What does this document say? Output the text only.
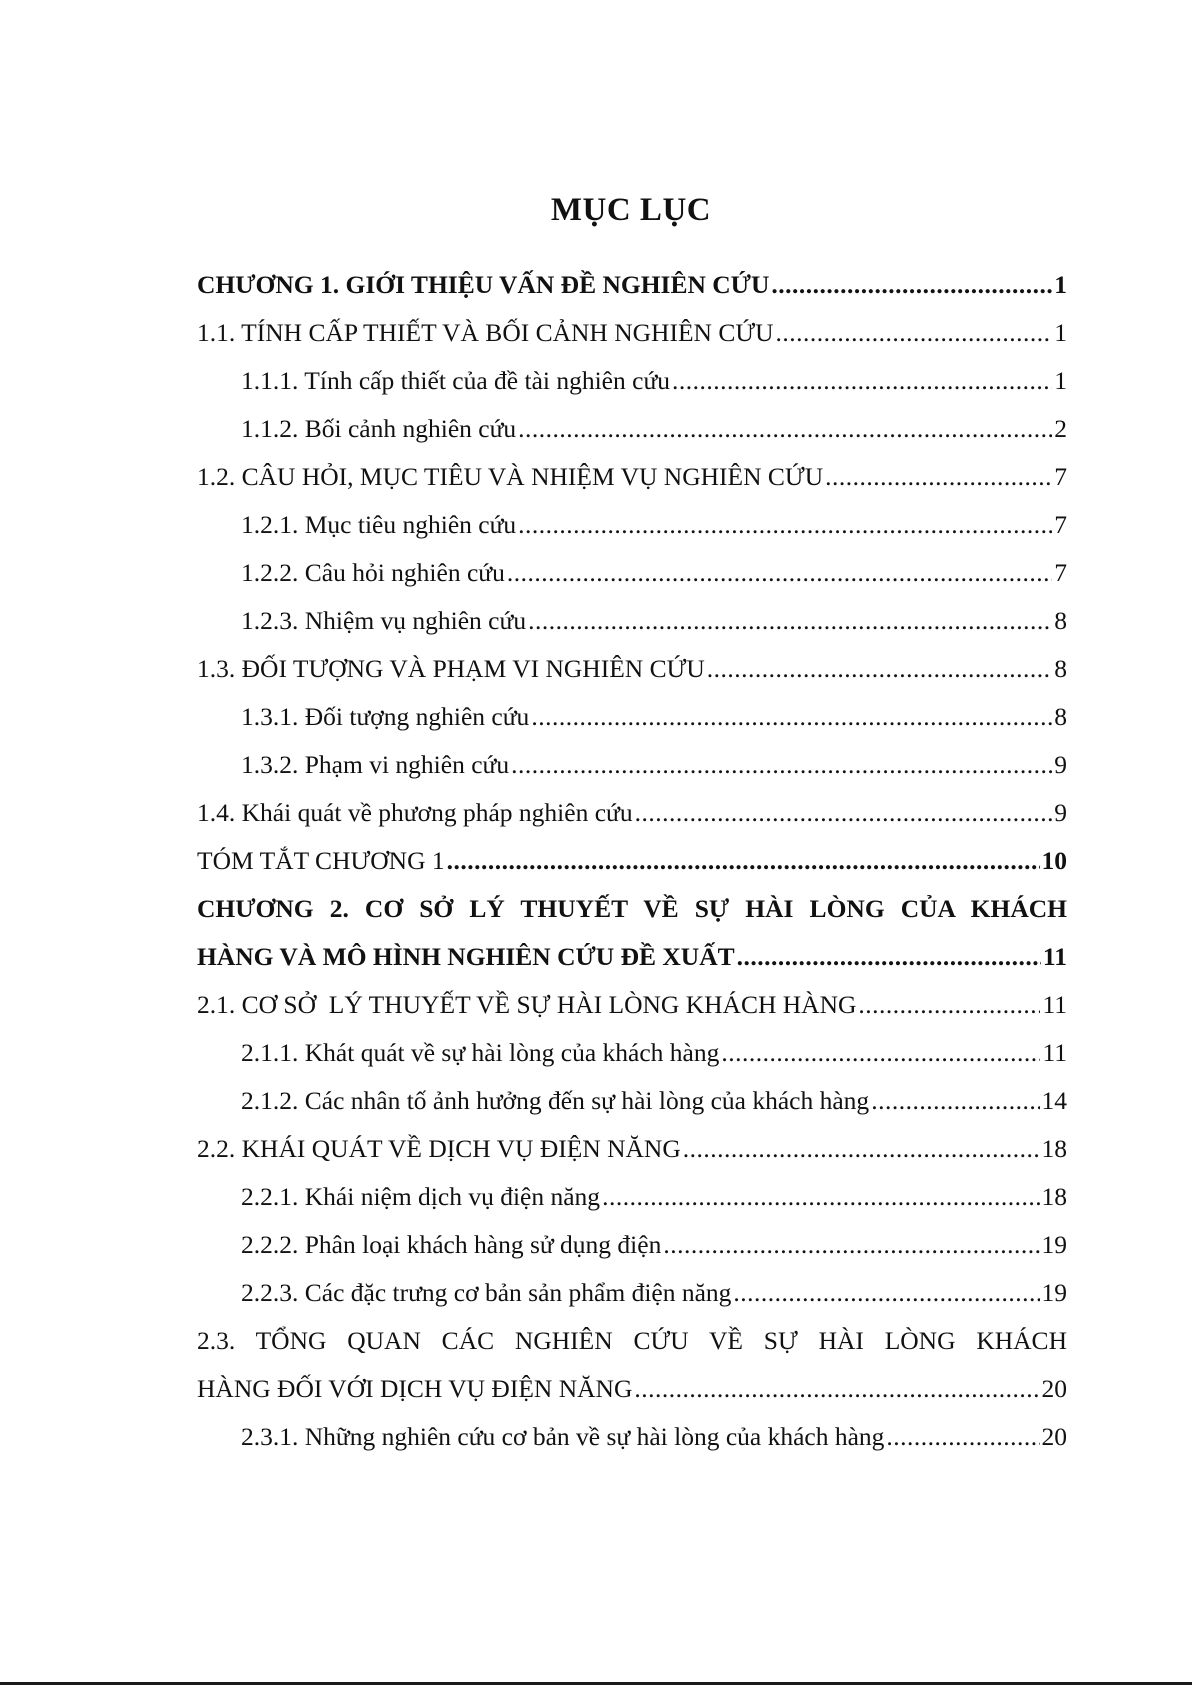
MỤC LỤC
CHƯƠNG 1. GIỚI THIỆU VẤN ĐỀ NGHIÊN CỨU .....	1
1.1. TÍNH CẤP THIẾT VÀ BỐI CẢNH NGHIÊN CỨU .....	1
1.1.1. Tính cấp thiết của đề tài nghiên cứu .....	1
1.1.2. Bối cảnh nghiên cứu .....	2
1.2. CÂU HỎI, MỤC TIÊU VÀ NHIỆM VỤ NGHIÊN CỨU .....	7
1.2.1. Mục tiêu nghiên cứu .....	7
1.2.2. Câu hỏi nghiên cứu .....	7
1.2.3. Nhiệm vụ nghiên cứu .....	8
1.3. ĐỐI TƯỢNG VÀ PHẠM VI NGHIÊN CỨU .....	8
1.3.1. Đối tượng nghiên cứu .....	8
1.3.2. Phạm vi nghiên cứu .....	9
1.4. Khái quát về phương pháp nghiên cứu .....	9
TÓM TẮT CHƯƠNG 1 .....	10
CHƯƠNG 2. CƠ SỞ LÝ THUYẾT VỀ SỰ HÀI LÒNG CỦA KHÁCH
HÀNG VÀ MÔ HÌNH NGHIÊN CỨU ĐỀ XUẤT .....	11
2.1. CƠ SỞ  LÝ THUYẾT VỀ SỰ HÀI LÒNG KHÁCH HÀNG .....	11
2.1.1. Khát quát về sự hài lòng của khách hàng .....	11
2.1.2. Các nhân tố ảnh hưởng đến sự hài lòng của khách hàng .....	14
2.2. KHÁI QUÁT VỀ DỊCH VỤ ĐIỆN NĂNG .....	18
2.2.1. Khái niệm dịch vụ điện năng .....	18
2.2.2. Phân loại khách hàng sử dụng điện .....	19
2.2.3. Các đặc trưng cơ bản sản phẩm điện năng .....	19
2.3. TỔNG QUAN CÁC NGHIÊN CỨU VỀ SỰ HÀI LÒNG KHÁCH
HÀNG ĐỐI VỚI DỊCH VỤ ĐIỆN NĂNG .....	20
2.3.1. Những nghiên cứu cơ bản về sự hài lòng của khách hàng .....	20
